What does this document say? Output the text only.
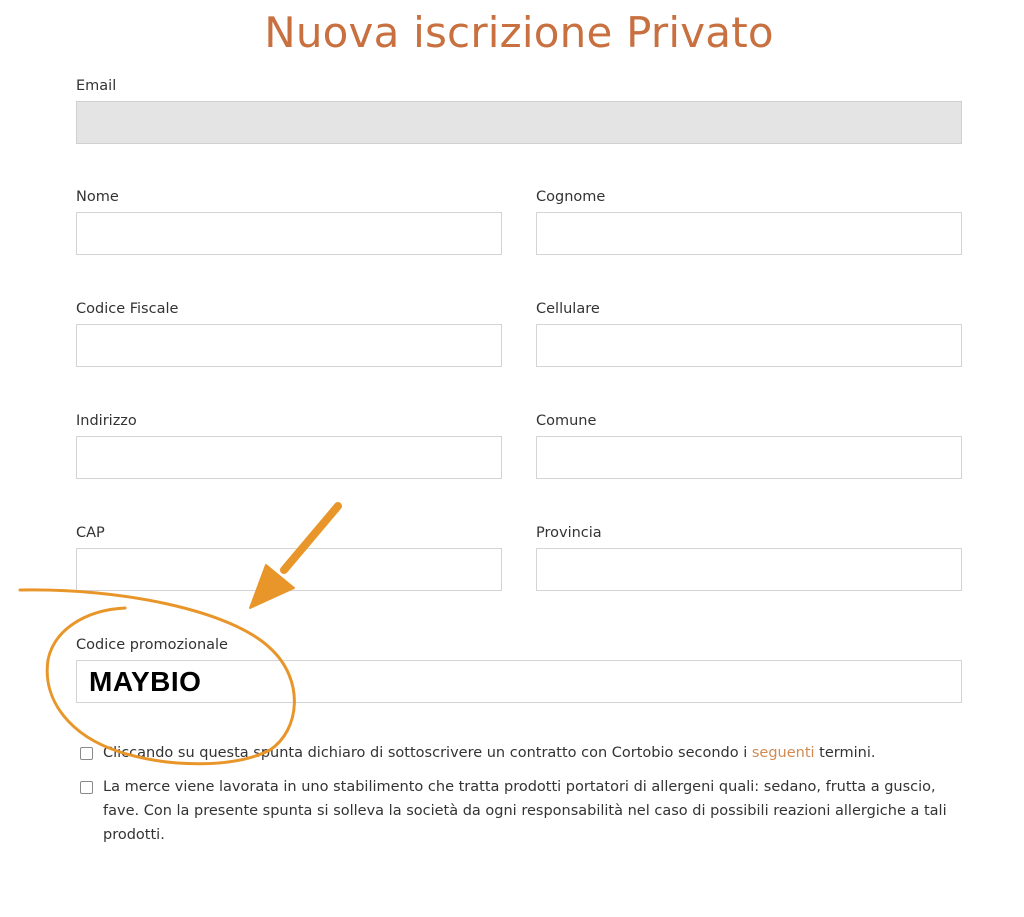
Nuova iscrizione Privato
Email
Nome	Cognome
Codice Fiscale	Cellulare
Indirizzo	Comune
CAP	Provincia
Codice promozionale
MAYBIO
Cliccando su questa spunta dichiaro di sottoscrivere un contratto con Cortobio secondo i seguenti termini.
La merce viene lavorata in uno stabilimento che tratta prodotti portatori di allergeni quali: sedano, frutta a guscio, fave. Con la presente spunta si solleva la società da ogni responsabilità nel caso di possibili reazioni allergiche a tali prodotti.
